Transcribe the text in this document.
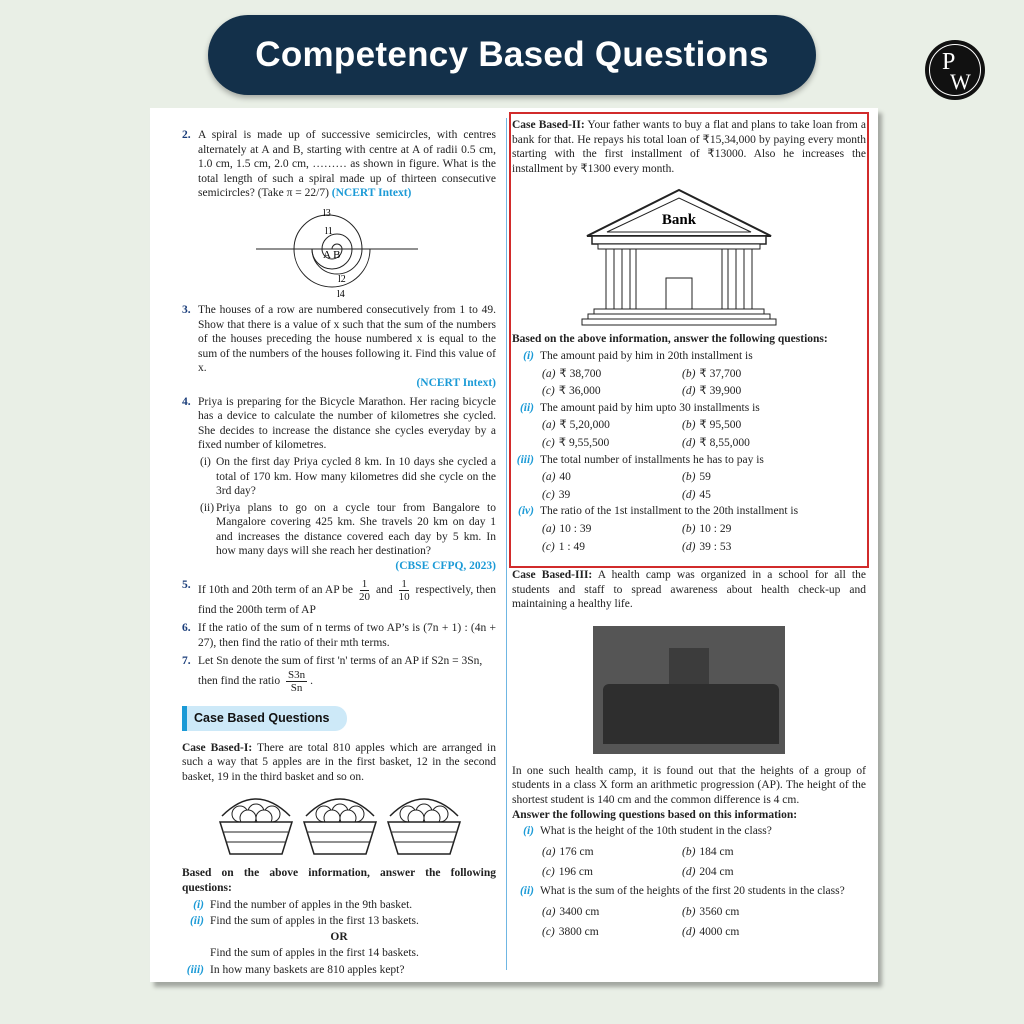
Competency Based Questions	P
W
2. A spiral is made up of successive semicircles, with centres alternately at A and B, starting with centre at A of radii 0.5 cm, 1.0 cm, 1.5 cm, 2.0 cm, ……… as shown in figure. What is the total length of such a spiral made up of thirteen consecutive semicircles? (Take π = 22/7) (NCERT Intext)

l3
l1
A B
l2
l4
3. The houses of a row are numbered consecutively from 1 to 49. Show that there is a value of x such that the sum of the numbers of the houses preceding the house numbered x is equal to the sum of the numbers of the houses following it. Find this value of x.

(NCERT Intext)

4. Priya is preparing for the Bicycle Marathon. Her racing bicycle has a device to calculate the number of kilometres she cycled. She decides to increase the distance she cycles everyday by a fixed number of kilometres.

(i) On the first day Priya cycled 8 km. In 10 days she cycled a total of 170 km. How many kilometres did she cycle on the 3rd day?
(ii) Priya plans to go on a cycle tour from Bangalore to Mangalore covering 425 km. She travels 20 km on day 1 and increases the distance covered each day by 5 km. In how many days will she reach her destination?

(CBSE CFPQ, 2023)

5. If 10th and 20th term of an AP be $\frac{1}{20}$ and $\frac{1}{10}$ respectively, then find the 200th term of AP

6. If the ratio of the sum of n terms of two AP’s is (7n + 1) : (4n + 27), then find the ratio of their mth terms.

7. Let Sn denote the sum of first 'n' terms of an AP if S2n = 3Sn,
then find the ratio $\frac{S3n}{Sn}$ .

Case Based Questions

Case Based-I: There are total 810 apples which are arranged in such a way that 5 apples are in the first basket, 12 in the second basket, 19 in the third basket and so on.

Based on the above information, answer the following questions:

(i) Find the number of apples in the 9th basket.
(ii) Find the sum of apples in the first 13 baskets.
OR
Find the sum of apples in the first 14 baskets.
(iii) In how many baskets are 810 apples kept?

Case Based-II: Your father wants to buy a flat and plans to take loan from a bank for that. He repays his total loan of ₹15,34,000 by paying every month starting with the first installment of ₹13000. Also he increases the installment by ₹1300 every month.

Bank

Based on the above information, answer the following questions:

(i) The amount paid by him in 20th installment is
(a) ₹ 38,700	(b) ₹ 37,700
(c) ₹ 36,000	(d) ₹ 39,900
(ii) The amount paid by him upto 30 installments is
(a) ₹ 5,20,000	(b) ₹ 95,500
(c) ₹ 9,55,500	(d) ₹ 8,55,000
(iii) The total number of installments he has to pay is
(a) 40	(b) 59
(c) 39	(d) 45
(iv) The ratio of the 1st installment to the 20th installment is
(a) 10 : 39	(b) 10 : 29
(c) 1 : 49	(d) 39 : 53

Case Based-III: A health camp was organized in a school for all the students and staff to spread awareness about health check-up and maintaining a healthy life.

In one such health camp, it is found out that the heights of a group of students in a class X form an arithmetic progression (AP). The height of the shortest student is 140 cm and the common difference is 4 cm.

Answer the following questions based on this information:

(i) What is the height of the 10th student in the class?
(a) 176 cm	(b) 184 cm
(c) 196 cm	(d) 204 cm
(ii) What is the sum of the heights of the first 20 students in the class?
(a) 3400 cm	(b) 3560 cm
(c) 3800 cm	(d) 4000 cm
